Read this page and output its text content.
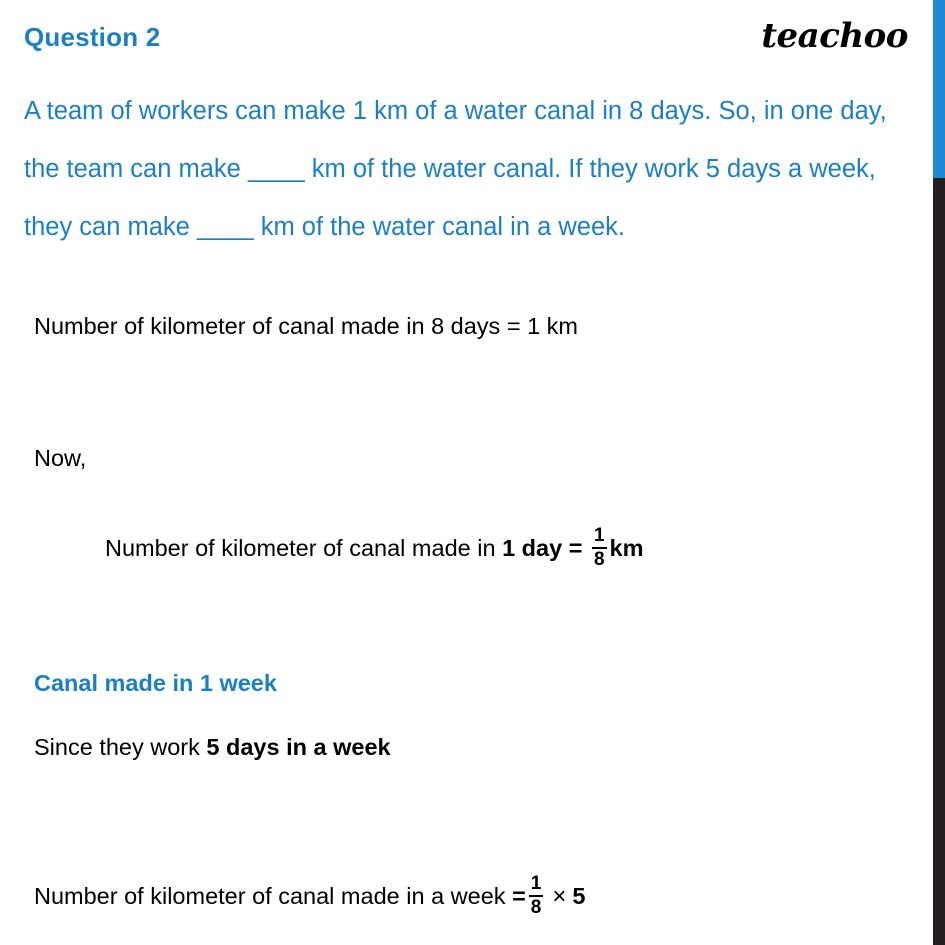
Question 2	teachoo
A team of workers can make 1 km of a water canal in 8 days. So, in one day, the team can make ____ km of the water canal. If they work 5 days a week, they can make ____ km of the water canal in a week.
Number of kilometer of canal made in 8 days = 1 km
Now,
Number of kilometer of canal made in 1 day = $\frac{1}{8}$ km
Canal made in 1 week
Since they work 5 days in a week
Number of kilometer of canal made in a week = $\frac{1}{8} \times 5$
